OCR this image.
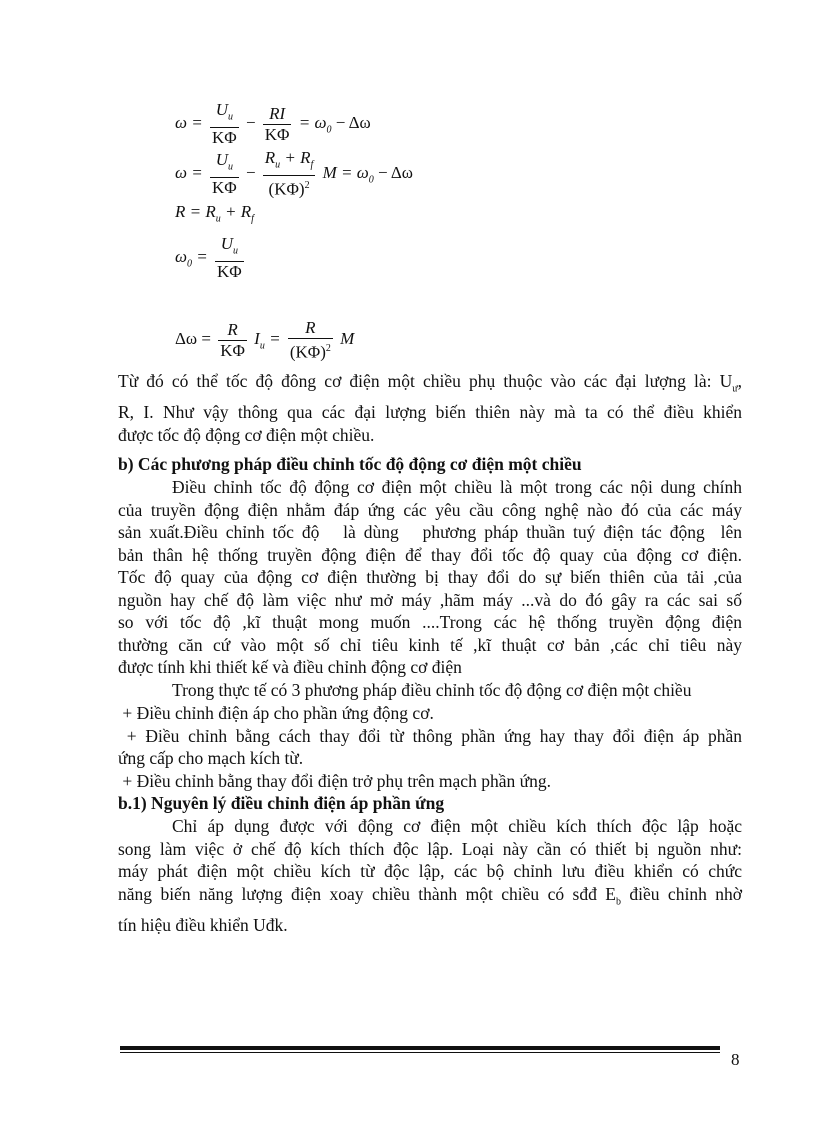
$\omega = \frac{U_u}{K\Phi} - \frac{RI}{K\Phi} = \omega_0 - \Delta\omega$
$\omega = \frac{U_u}{K\Phi} - \frac{R_u + R_f}{(K\Phi)^2}$ $M = \omega_0 - \Delta\omega$
$R = R_u + R_f$
$\omega_0 = \frac{U_u}{K\Phi}$
$\Delta\omega = \frac{R}{K\Phi} I_u = \frac{R}{(K\Phi)^2}$ M
Từ đó có thể tốc độ đông cơ điện một chiều phụ thuộc vào các đại lượng là: $U_ư$,
R, I. Như vậy thông qua các đại lượng biến thiên này mà ta có thể điều khiển
được tốc độ động cơ điện một chiều.
b) Các phương pháp điều chỉnh tốc độ động cơ điện một chiều
Điều chỉnh tốc độ động cơ điện một chiều là một trong các nội dung chính
của truyền động điện nhằm đáp ứng các yêu cầu công nghệ nào đó của các máy
sản xuất.Điều chỉnh tốc độ   là dùng   phương pháp thuần tuý điện tác động  lên
bản thân hệ thống truyền động điện để thay đổi tốc độ quay của động cơ điện.
Tốc độ quay của động cơ điện thường bị thay đổi do sự biến thiên của tải ,của
nguồn hay chế độ làm việc như mở máy ,hãm máy ...và do đó gây ra các sai số
so với tốc độ ,kĩ thuật mong muốn ....Trong các hệ thống truyền động điện
thường căn cứ vào một số chỉ tiêu kinh tế ,kĩ thuật cơ bản ,các chỉ tiêu này
được tính khi thiết kế và điều chỉnh động cơ điện
Trong thực tế có 3 phương pháp điều chỉnh tốc độ động cơ điện một chiều
+ Điều chỉnh điện áp cho phần ứng động cơ.
+ Điều chỉnh bằng cách thay đổi từ thông phần ứng hay thay đổi điện áp phần
ứng cấp cho mạch kích từ.
+ Điều chỉnh bằng thay đổi điện trở phụ trên mạch phần ứng.
b.1) Nguyên lý điều chỉnh điện áp phần ứng
Chỉ áp dụng được với động cơ điện một chiều kích thích độc lập hoặc
song làm việc ở chế độ kích thích độc lập. Loại này cần có thiết bị nguồn như:
máy phát điện một chiều kích từ độc lập, các bộ chỉnh lưu điều khiển có chức
năng biến năng lượng điện xoay chiều thành một chiều có sđđ $E_b$ điều chỉnh nhờ
tín hiệu điều khiển Uđk.
8
